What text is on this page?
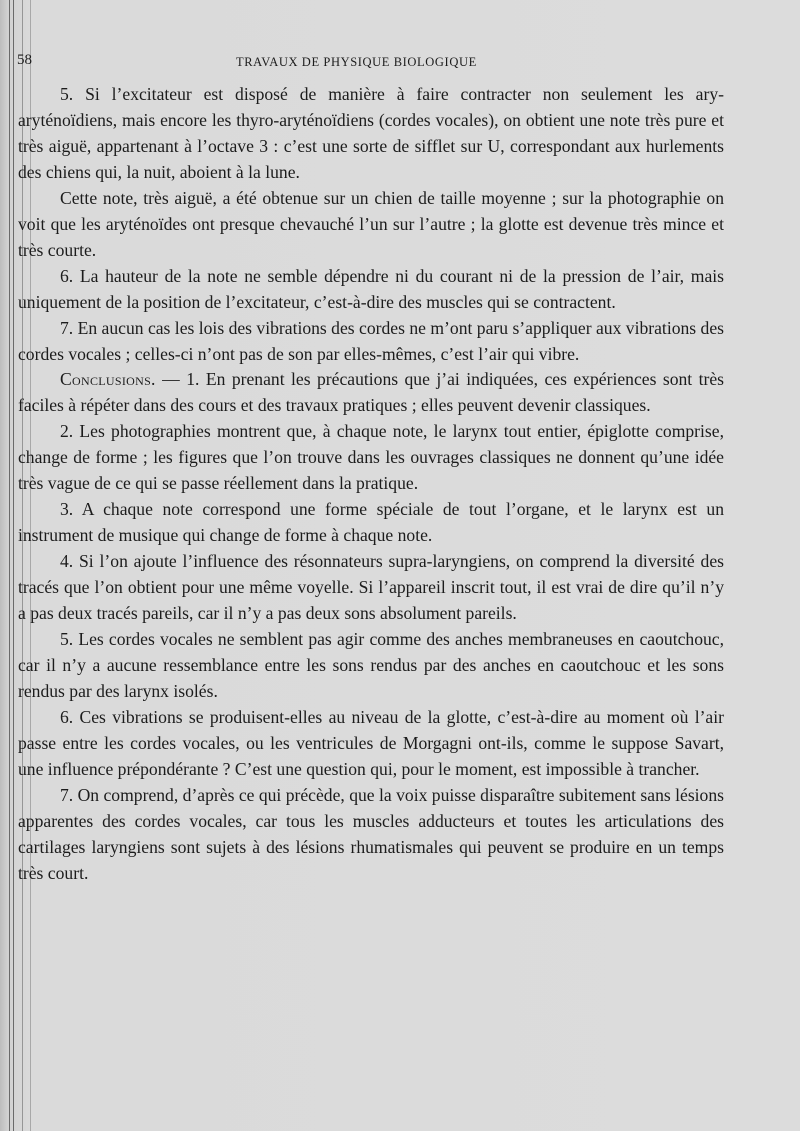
58	TRAVAUX DE PHYSIQUE BIOLOGIQUE

5. Si l’excitateur est disposé de manière à faire contracter non seulement les ary-aryténoïdiens, mais encore les thyro-aryténoïdiens (cordes vocales), on obtient une note très pure et très aiguë, appartenant à l’octave 3 : c’est une sorte de sifflet sur U, correspondant aux hurlements des chiens qui, la nuit, aboient à la lune.

Cette note, très aiguë, a été obtenue sur un chien de taille moyenne ; sur la photographie on voit que les aryténoïdes ont presque chevauché l’un sur l’autre ; la glotte est devenue très mince et très courte.

6. La hauteur de la note ne semble dépendre ni du courant ni de la pression de l’air, mais uniquement de la position de l’excitateur, c’est-à-dire des muscles qui se contractent.

7. En aucun cas les lois des vibrations des cordes ne m’ont paru s’appliquer aux vibrations des cordes vocales ; celles-ci n’ont pas de son par elles-mêmes, c’est l’air qui vibre.

Conclusions. — 1. En prenant les précautions que j’ai indiquées, ces expériences sont très faciles à répéter dans des cours et des travaux pratiques ; elles peuvent devenir classiques.

2. Les photographies montrent que, à chaque note, le larynx tout entier, épiglotte comprise, change de forme ; les figures que l’on trouve dans les ouvrages classiques ne donnent qu’une idée très vague de ce qui se passe réellement dans la pratique.

3. A chaque note correspond une forme spéciale de tout l’organe, et le larynx est un instrument de musique qui change de forme à chaque note.

4. Si l’on ajoute l’influence des résonnateurs supra-laryngiens, on comprend la diversité des tracés que l’on obtient pour une même voyelle. Si l’appareil inscrit tout, il est vrai de dire qu’il n’y a pas deux tracés pareils, car il n’y a pas deux sons absolument pareils.

5. Les cordes vocales ne semblent pas agir comme des anches membraneuses en caoutchouc, car il n’y a aucune ressemblance entre les sons rendus par des anches en caoutchouc et les sons rendus par des larynx isolés.

6. Ces vibrations se produisent-elles au niveau de la glotte, c’est-à-dire au moment où l’air passe entre les cordes vocales, ou les ventricules de Morgagni ont-ils, comme le suppose Savart, une influence prépondérante ? C’est une question qui, pour le moment, est impossible à trancher.

7. On comprend, d’après ce qui précède, que la voix puisse disparaître subitement sans lésions apparentes des cordes vocales, car tous les muscles adducteurs et toutes les articulations des cartilages laryngiens sont sujets à des lésions rhumatismales qui peuvent se produire en un temps très court.
